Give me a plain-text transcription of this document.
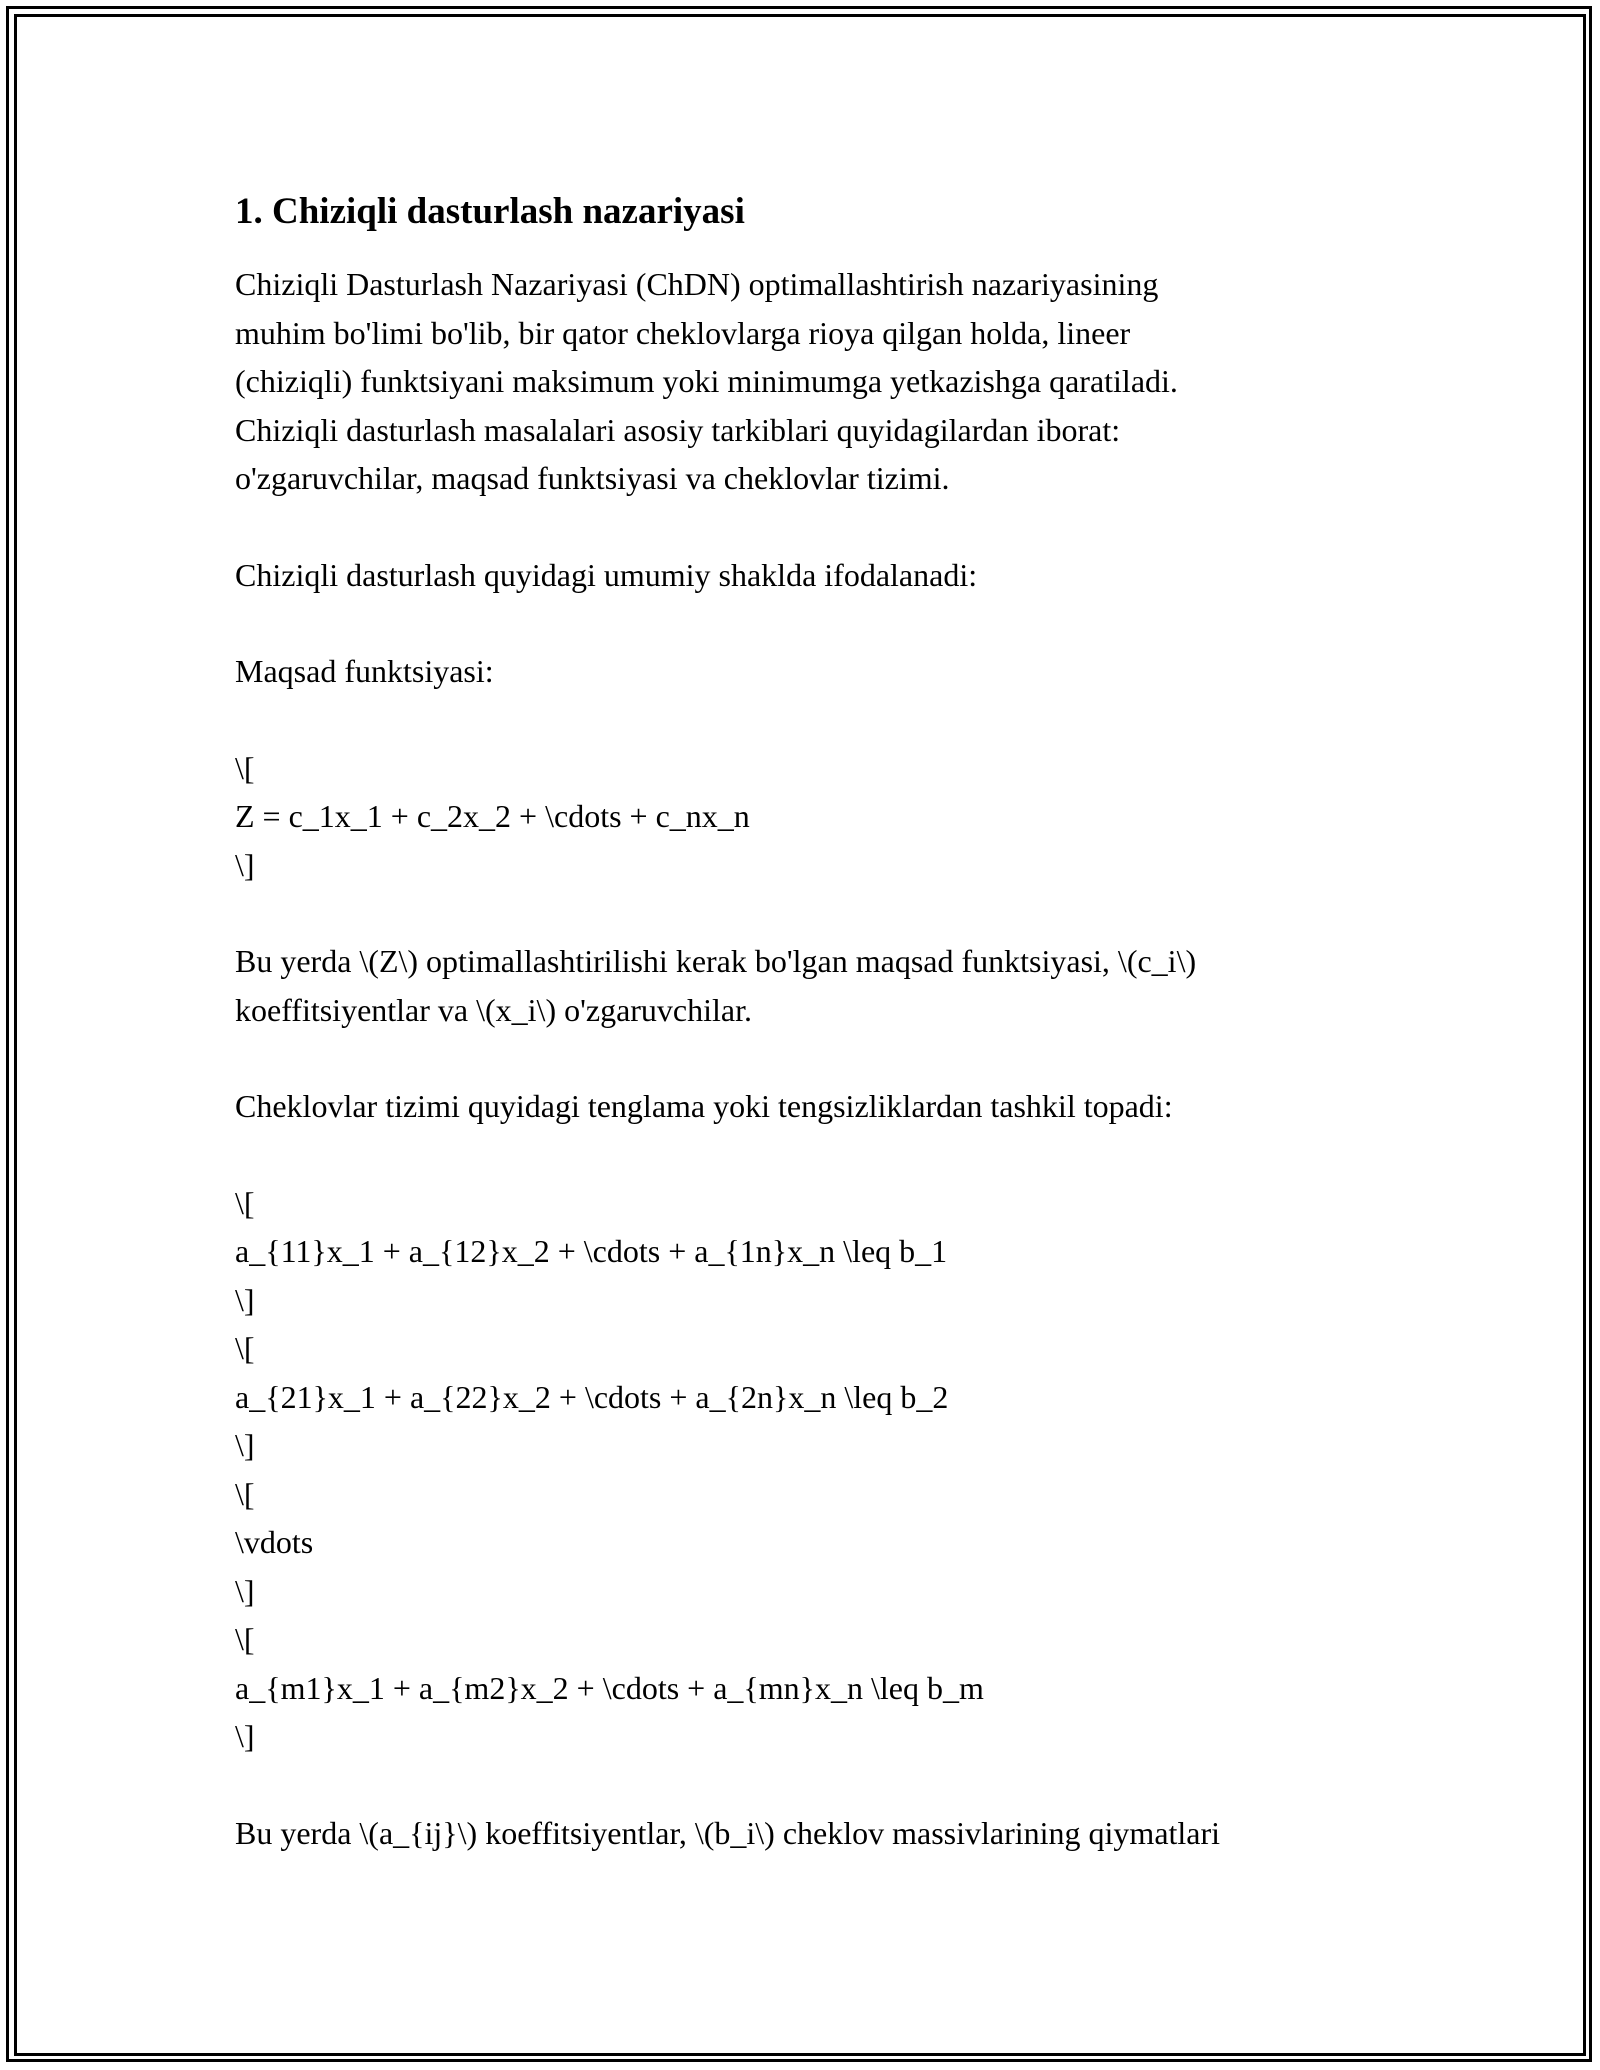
1. Chiziqli dasturlash nazariyasi

Chiziqli Dasturlash Nazariyasi (ChDN) optimallashtirish nazariyasining
muhim bo'limi bo'lib, bir qator cheklovlarga rioya qilgan holda, lineer
(chiziqli) funktsiyani maksimum yoki minimumga yetkazishga qaratiladi.
Chiziqli dasturlash masalalari asosiy tarkiblari quyidagilardan iborat:
o'zgaruvchilar, maqsad funktsiyasi va cheklovlar tizimi.

Chiziqli dasturlash quyidagi umumiy shaklda ifodalanadi:

Maqsad funktsiyasi:

\[
Z = c_1x_1 + c_2x_2 + \cdots + c_nx_n
\]

Bu yerda \(Z\) optimallashtirilishi kerak bo'lgan maqsad funktsiyasi, \(c_i\)
koeffitsiyentlar va \(x_i\) o'zgaruvchilar.

Cheklovlar tizimi quyidagi tenglama yoki tengsizliklardan tashkil topadi:

\[
a_{11}x_1 + a_{12}x_2 + \cdots + a_{1n}x_n \leq b_1
\]

\[
a_{21}x_1 + a_{22}x_2 + \cdots + a_{2n}x_n \leq b_2
\]

\[
\vdots
\]

\[
a_{m1}x_1 + a_{m2}x_2 + \cdots + a_{mn}x_n \leq b_m
\]

Bu yerda \(a_{ij}\) koeffitsiyentlar, \(b_i\) cheklov massivlarining qiymatlari
